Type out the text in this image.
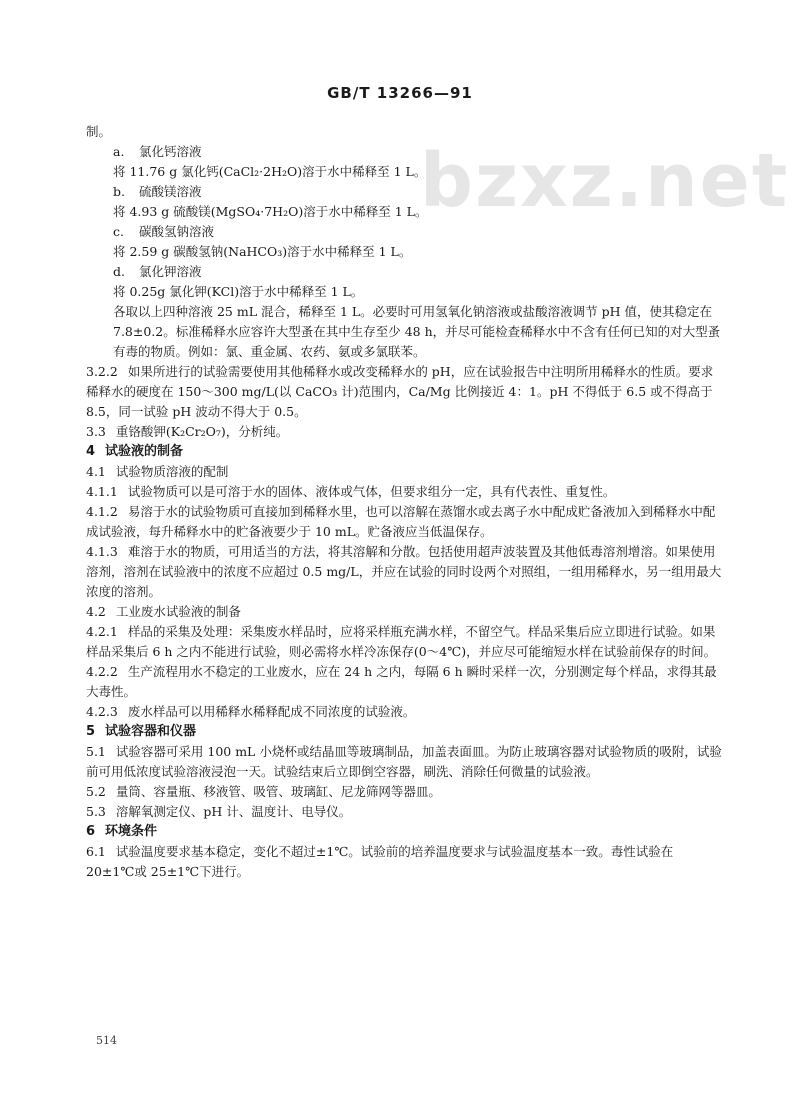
GB/T 13266—91
bzxz.net

制。

a. 氯化钙溶液

将 11.76 g 氯化钙(CaCl₂·2H₂O)溶于水中稀释至 1 L。

b. 硫酸镁溶液

将 4.93 g 硫酸镁(MgSO₄·7H₂O)溶于水中稀释至 1 L。

c. 碳酸氢钠溶液

将 2.59 g 碳酸氢钠(NaHCO₃)溶于水中稀释至 1 L。

d. 氯化钾溶液

将 0.25g 氯化钾(KCl)溶于水中稀释至 1 L。

各取以上四种溶液 25 mL 混合，稀释至 1 L。必要时可用氢氧化钠溶液或盐酸溶液调节 pH 值，使其稳定在 7.8±0.2。标准稀释水应容许大型蚤在其中生存至少 48 h，并尽可能检查稀释水中不含有任何已知的对大型蚤有毒的物质。例如：氯、重金属、农药、氨或多氯联苯。

3.2.2 如果所进行的试验需要使用其他稀释水或改变稀释水的 pH，应在试验报告中注明所用稀释水的性质。要求稀释水的硬度在 150～300 mg/L(以 CaCO₃ 计)范围内，Ca/Mg 比例接近 4：1。pH 不得低于 6.5 或不得高于 8.5，同一试验 pH 波动不得大于 0.5。

3.3 重铬酸钾(K₂Cr₂O₇)，分析纯。

4 试验液的制备

4.1 试验物质溶液的配制

4.1.1 试验物质可以是可溶于水的固体、液体或气体，但要求组分一定，具有代表性、重复性。

4.1.2 易溶于水的试验物质可直接加到稀释水里，也可以溶解在蒸馏水或去离子水中配成贮备液加入到稀释水中配成试验液，每升稀释水中的贮备液要少于 10 mL。贮备液应当低温保存。

4.1.3 难溶于水的物质，可用适当的方法，将其溶解和分散。包括使用超声波装置及其他低毒溶剂增溶。如果使用溶剂，溶剂在试验液中的浓度不应超过 0.5 mg/L，并应在试验的同时设两个对照组，一组用稀释水，另一组用最大浓度的溶剂。

4.2 工业废水试验液的制备

4.2.1 样品的采集及处理：采集废水样品时，应将采样瓶充满水样，不留空气。样品采集后应立即进行试验。如果样品采集后 6 h 之内不能进行试验，则必需将水样冷冻保存(0～4℃)，并应尽可能缩短水样在试验前保存的时间。

4.2.2 生产流程用水不稳定的工业废水，应在 24 h 之内，每隔 6 h 瞬时采样一次，分别测定每个样品，求得其最大毒性。

4.2.3 废水样品可以用稀释水稀释配成不同浓度的试验液。

5 试验容器和仪器

5.1 试验容器可采用 100 mL 小烧杯或结晶皿等玻璃制品，加盖表面皿。为防止玻璃容器对试验物质的吸附，试验前可用低浓度试验溶液浸泡一天。试验结束后立即倒空容器，刷洗、消除任何微量的试验液。

5.2 量筒、容量瓶、移液管、吸管、玻璃缸、尼龙筛网等器皿。

5.3 溶解氧测定仪、pH 计、温度计、电导仪。

6 环境条件

6.1 试验温度要求基本稳定，变化不超过±1℃。试验前的培养温度要求与试验温度基本一致。毒性试验在 20±1℃或 25±1℃下进行。

514
